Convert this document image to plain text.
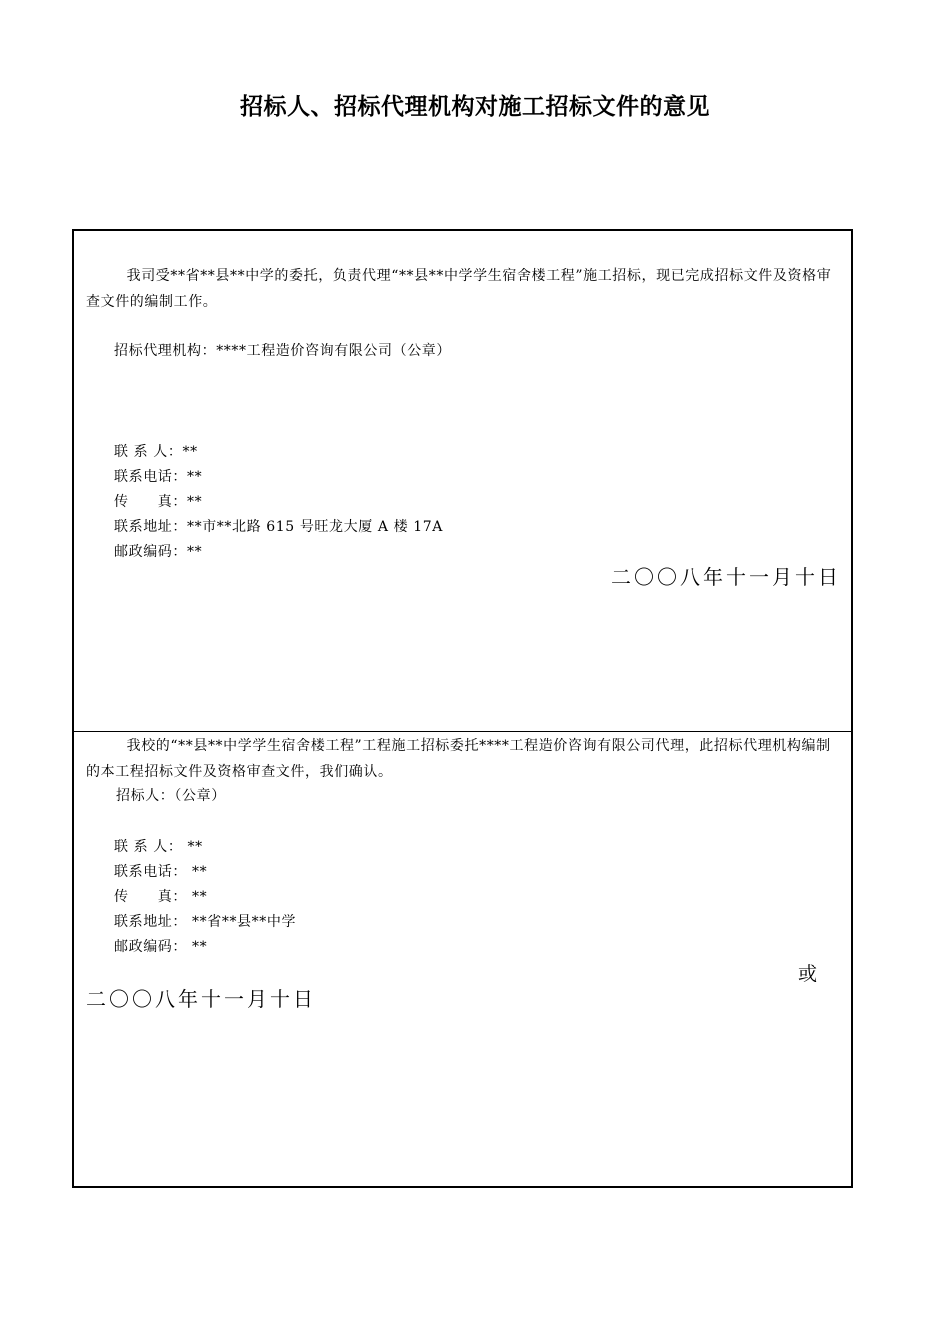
招标人、招标代理机构对施工招标文件的意见
我司受**省**县**中学的委托，负责代理“**县**中学学生宿舍楼工程”施工招标，现已完成招标文件及资格审查文件的编制工作。
招标代理机构：****工程造价咨询有限公司（公章）
联 系 人：**
联系电话：**
传　　真：**
联系地址：**市**北路 615 号旺龙大厦 A 楼 17A
邮政编码：**
二〇〇八年十一月十日
我校的“**县**中学学生宿舍楼工程”工程施工招标委托****工程造价咨询有限公司代理，此招标代理机构编制的本工程招标文件及资格审查文件，我们确认。
招标人：（公章）
联 系 人： **
联系电话： **
传　　真： **
联系地址： **省**县**中学
邮政编码： **
或
二〇〇八年十一月十日
